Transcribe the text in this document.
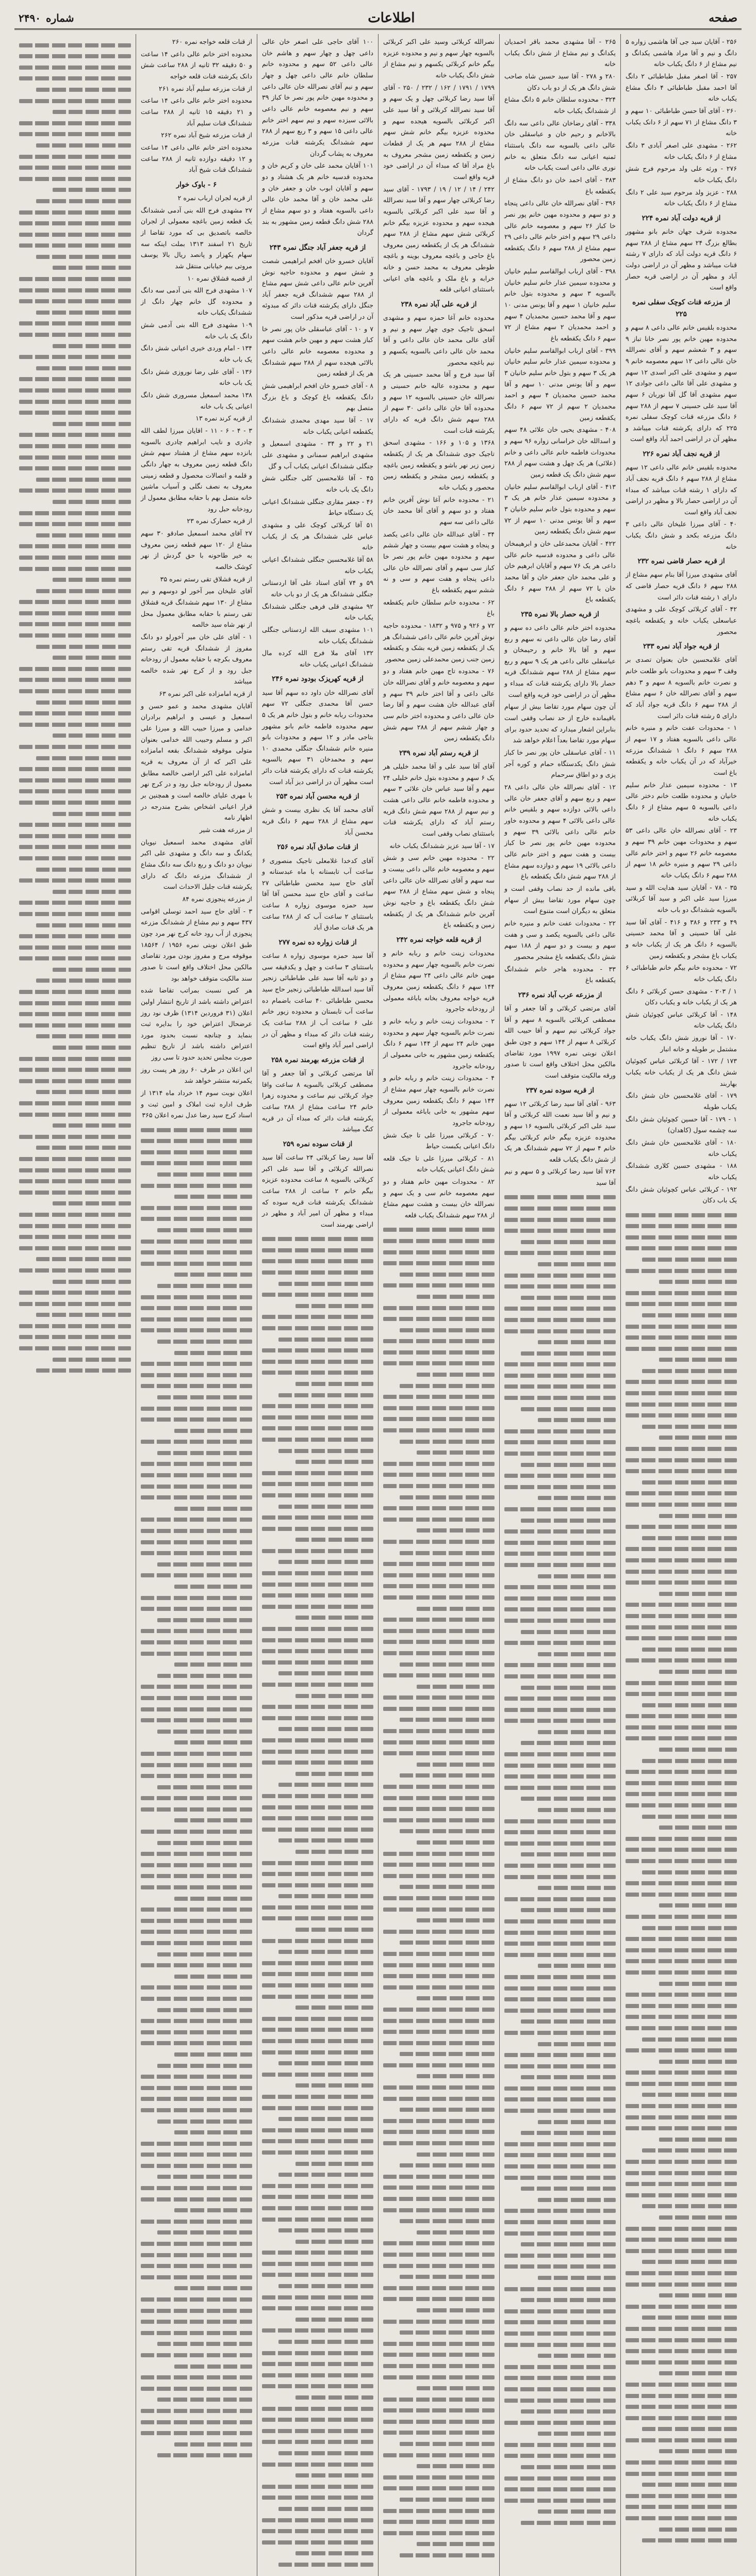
صفحه
اطلاعات
شماره
۲۴۹۰
۲۵۶ - آقایان سید جی آقا هاشمی زواره ۵ دانگ و نیم و آقا مراد هاشمی یکدانگ و نیم مشاع از ۶ دانگ یکباب خانه
۲۵۷ - آقا اصغر مقبل طباطبائی ۲ دانگ آقا احمد مقبل طباطبائی ۴ دانگ مشاع یکباب خانه
۲۶۰ - آقای آقا حسن طباطبائی ۱۰ سهم و ۳ دانگ مشاع از ۷۱ سهم از ۶ دانک یکباب خانه
۲۶۲ - مشهدی علی اصغر آبادی ۳ دانگ مشاع از ۶ دانگ یکباب خانه
۲۷۶ - ورثه علی ولد مرحوم فرج شش دانگ یکباب خانه
۲۸۸ - عزیز ولد مرحوم سید علی ۲ دانگ مشاع از ۶ دانگ یکباب خانه
از قریه دولت آباد نمره ۲۲۴
مجدوده شرف جهان خانم بانو مشهور بطالع بزرگ ۲۴ سهم مشاع از ۲۸۸ سهم ۶ دانگ قریه دولت آباد که دارای ۷ رشته قنات میباشد و مظهر آن در اراضی دولت آباد و مظهر آن در اراضی قریه حصار واقع است
از مزرعه قنات کوچک سفلی نمره ۲۲۵
محدوده بلقیس خانم عالی داعی ۸ سهم و محدوده مهین خانم پور نصر خانا تباز ۹ سهم و ۳ شعشم سهم و آقای نصرالله خان عالی داعی ۱۲ سهم معصومه خانم ۹ سهم و مشهدی علی اکبر اسدی ۱۲ سهم و مشهدی علی آقا عالی داعی جوادی ۱۲ سهم مشهدی آقا گل آقا نوربان ۶ سهم آقا سید علی حسینی ۷ سهم از ۲۸۸ سهم ۶ دانگ مزرعه قنات کوچک سفلی نمره ۲۲۵ که دارای یکرشته قنات میباشد و مظهر آن در اراضی احمد آباد واقع است
از قریه نجف آباد نمره ۲۲۶
محدوده بلقیس خانم عالی داعی ۱۲ سهم مشاع از ۲۸۸ سهم ۶ دانگ قریه نجف آباد که دارای ۱ رشته قنات میباشد که مبداء آن در اراضی حصار بالا و مظهر در اراضی نجف آباد واقع است
۴۰ - آقای میرزا علیخان عالی داعی ۳ دانگ مزرعه بکحد و شش دانگ یکباب خانه
از قریه حصار قاضی نمره ۲۳۲
آقای مشهدی میرزا آقا بنام سهم مشاع از ۲۸۸ سهم ۶ دانگ قریه حصار قاضی که دارای ۱ رشته قنات دائر است
۴۲ - آقای کربلائی کوچک علی و مشهدی عباسعلی یکباب خانه و یکقطعه باغچه محصور
از قریه جواد آباد نمره ۲۳۳
آقای غلامحسین خان بعنوان تصدی بر وقف ۳ سهم و محدودات بانو طلعت خانم و نصرت خانم بالسویه ۸ سهم و ۳ دهم سهم و آقای نصرالله خان ۶ سهم مشاع از ۲۸۸ سهم ۶ دانگ قریه جواد آباد که دارای ۵ رشته قنات دائر است
۱ - محدودات عفت خانم و منیره خانم عالی داعی بالسویه هفتاد و ۱۷ سهم از ۲۸۸ سهم ۶ دانگ ۱ ششدانگ مزرعه خیرآباد که در آن یکباب خانه و یکقطعه باغ است
۱۳ - محدوده سیمین عذار خانم سلیم خانیان و محدوده طلعت خانم دختر عالی داعی بالسویه ۵ سهم مشاع از ۶ دانگ یکباب خانه
۲۳ - آقای نصرالله خان عالی داعی ۵۳ سهم و محدودات مهین خانم ۳۹ سهم و معصومه خانم ۲۶ سهم و اختر خانم عالی داعی ۲۹ سهم و منیره خانم ۱۸ سهم از ۲۸۸ سهم ۶ دانگ یکباب خانه
۳۵ - ۷۸ - آقایان سید هدایت الله و سید میرزا سید علی اکبر و سید آقا کربلائی بالسویه ششدانگ دو باب خانه
۴۹ و ۲۳۳ و ۳۸۶ و ۴۱۶ - آقای آقا سید علی آقا حسینی و آقا محمد حسینی بالسویه ۶ دانگ هر یک از یکباب خانه و یکباب باغ مشجر و یکقطعه زمین
۷۲ - محدوده خانم بیگم خانم طباطبائی ۶ دانگ یکباب خانه
۱ / ۲۰۳ - مشهدی حسن کربلائی ۶ دانگ هر یک از یکباب خانه و یکباب دکان
۱۴۸ - آقا کربلائی عباس کچوئیان شش دانگ یکباب خانه
۱۷۰ - آقا نوروز شش دانگ یکباب خانه مشتمل بر طویله و خانه انبار
۱۷۳ / ۱۷۲ - آقا کربلائی عباس کچوئیان شش دانگ هر یک از یکباب خانه یکباب بهاربند
۱۷۹ - آقای غلامحسین خان شش دانگ یکباب طویله
۱ - ۱۷۹ - آقا حسین کچوئیان شش دانگ سه چشمه سول (کاهدان)
۱۸۰ - آقای غلامحسین خان شش دانگ یکباب خانه
۱۸۸ - مشهدی حسین کلاری ششدانگ یکباب خانه
۱۹۲ - کربلائی عباس کچوئیان شش دانگ یک باب دکان
۲۶۵ - آقا مشهدی محمد باقر احمدیان یکدانگ و نیم مشاع از شش دانگ یکباب خانه
۲۸۰ و ۲۷۸ - آقا سید حسین شاه صاحب شش دانگ هر یک از دو باب دکان
۳۲۴ - محدوده سلطان خانم ۵ دانگ مشاع از ششدانگ یکباب خانه
۳۳۸ - آقای رضاخان عالی داعی سه دانگ بالاخانم و رحیم خان و عباسقلی خان عالی داعی بالسویه سه دانگ باستثناء ثمنیه اعیانی سه دانگ متعلق به خانم نوری عالی داعی است یکباب خانه
۳۸۳ - آقای احمد خان دو دانگ مشاع از یکقطعه باغ
۳۹۶ - آقای نصرالله خان عالی داعی پنجاه و دو سهم و محدوده مهین خانم پور نصر خا کباز ۲۶ سهم و معصومه خانم عالی داعی ۲۹ سهم و اختر خانم عالی داعی ۲۹ سهم مشاع از ۲۸۸ سهم ۶ دانگ یکقطعه زمین محصور
۳۹۸ - آقای ارباب ابوالقاسم سلیم خانیان و محدوده سیمین عذار خانم سلیم خانیان بالسویه ۳ سهم و محدوده بتول خانم سلیم خانیان ۱ سهم و آقا یونس مدنی ۱۰ سهم و آقا محمد حسین محمدیان ۴ سهم و احمد محمدیان ۲ سهم مشاع از ۷۲ سهم ۶ دانگ یکقطعه باغ
۳۹۹ - آقای ارباب ابوالقاسم سلیم خانیان و محدوده سیمین عذار خانم سلیم خانیان هر یک ۳ سهم و بتول خانم سلیم خانیان ۳ سهم و آقا یونس مدنی ۱۰ سهم و آقا محمد حسین محمدیان ۴ سهم و احمد محمدیان ۲ سهم از ۷۲ سهم ۶ دانگ یکقطعه زمین
۴۰۸ - مشهدی یحیی خان علائی ۴۸ سهم و اسدالله خان خراسانی زواره ۹۶ سهم و محدودات فاطمه خانم عالی داعی و خانم (علائی) هر یک چهل و هشت سهم از ۲۸۸ سهم شش دانگ یک قطعه زمین
۴۱۳ - آقای ارباب ابوالقاسم سلیم خانیان و محدوده سیمین عذار خانم هر یک ۳ سهم و محدوده بتول خانم سلیم خانیان ۳ سهم و آقا یونس مدنی ۱۰ سهم از ۷۲ سهم شش دانگ یکقطعه زمین
۴۲۲ - آقایان محمدعلی خان و ابرهیمخان عالی داعی و محدوده قدسیه خانم عالی داعی هر یک ۷۶ سهم و آقایان ابرهیم خان و علی محمد خان جعفر خان و آقا محمد خان با ۷۲ سهم از ۲۸۸ سهم ۶ دانگ یکقطعه باغ
از قریه حصار بالا نمره ۲۳۵
محدوده اختر خانم عالی داعی ده سهم و آقای رضا خان عالی داعی نه سهم و ربع سهم و آقا بالا خانم و رحیمخان و عباسقلی عالی داعی هر یک ۹ سهم و ربع سهم مشاع از ۲۸۸ سهم ششدانگ قریه حصار بالا دارای یکرشته قنات که مبداء و مظهر آن در اراضی خود قریه واقع است
آن چون سهام مورد تقاضا بیش از سهام باقیمانده خارج از حد نصاب وقفی است بنابراین اشعار میدارد که تحدید حدود برای سهام مورد تقاضا بعداً اعلام خواهد شد
۱۱ - آقای عباسقلی خان پور نصر خا کباز شش دانگ یکدستگاه حمام و کوره آجر پزی و دو اطاق سرحمام
۱۲ - آقای نصرالله خان عالی داعی ۲۸ سهم و ربع سهم و آقای جعفر خان عالی داعی بالائی دوازده سهم و بلقیس خانم عالی داعی بالائی ۴ سهم و محدوده خاور خانم عالی داعی بالائی ۳۹ سهم و محدوده مهین خانم پور نصر خا کباز بیست و هفت سهم و اختر خانم عالی داعی بالائی ۱۹ سهم و دوازده سهم مشاع از ۲۸۸ سهم شش دانگ یکقطعه باغ
باقی مانده از حد نصاب وقفی است و چون سهام مورد تقاضا بیش از سهام متعلق به دیگران است متنوع است
۲۲ - محدودات عفت خانم و منیره خانم عالی داعی بالسویه یکصد و سی و هفت سهم و بیست و دو سهم از ۱۸۸ سهم شش دانگ یکقطعه باغ مشجر محصور
۳۳ - محدوده هاجر خانم ششدانگ یکقطعه باغ
از مزرعه عرب آباد نمره ۲۳۶
آقای مرتضی کربلائی و آقا جعفر و آقا مصطفی کربلائی بالسویه ۸ سهم و آقا جواد کربلائی نیم سهم و آقا حبیب الله کربلائی ۸ سهم از ۱۴۴ سهم و چون طبق اعلان نوبتی نمره ۱۹۹۷ مورد تقاضای مالکین محل اختلاف واقع است تا صدور ورقه مالکیت متوقف است
از قریه سوده نمره ۲۳۷
۹۶۳ - آقای آقا سید رضا کربلائی ۱۲ سهم و نیم و آقا سید نعمت الله کربلائی و آقا سید علی اکبر کربلائی بالسویه ۱۶ سهم و محدوده عزیزه بیگم خانم کربلائی بیگم خانم ۴ سهم از ۷۲ سهم ششدانگ هر یک از شش دانگ یکباب قلعه
۷۶۴ آقا سید رضا کربلائی و ۵ سهم و نیم آقا سید
نصرالله کربلائی وسید علی اکبر کربلائی بالسویه چهار سهم و نیم و محدوده عزیزه بیگم خانم کربلائی یکسهم و نیم مشاع از شش دانگ یکباب خانه
۱۷۹۹ / ۱۷۹۱ / ۱۶۲ / ۲۳۲ / ۲۵۰ - آقای آقا سید رضا کربلائی چهل و یک سهم و آقا سید نصرالله کربلائی و آقا سید علی اکبر کربلائی بالسویه هیجده سهم و محدوده عزیزه بیگم خانم شش سهم مشاع از ۲۸۸ سهم هر یک از قطعات زمین و یکقطعه زمین مشجر معروف به باغ مراد آقا که مبداء آن در اراضی خود قریه واقع است
۲۴۲ / ۱۴ / ۱۲ / ۱۹ / ۱۷۹۳ - آقای سید رضا کربلائی چهار سهم و آقا سید نصرالله و آقا سید علی اکبر کربلائی بالسویه هیجده سهم و محدوده عزیزه بیگم خانم کربلائی شش سهم مشاع از ۲۸۸ سهم ششدانگ هر یک از یکقطعه زمین معروف باغ حاجی و باغچه معروف بوینه و باغچه طوطی معروف به محمد حسن و خانه خرابه و باغ ملک و باغچه های اعیانی باستثنای اعیانی قلعه
از قریه علی آباد نمره ۲۳۸
محدوده خانم آغا حمزه سهم و مشهدی اسحق تاجیک جوی چهار سهم و نیم و آقای عالی محمد خان عالی داعی و آقا محمد خان عالی داعی بالسویه یکسهم و نیم باغچه محصور
آقا سید فرج و آقا محمد حسینی هر یک سهم و محدوده عالیه خانم حسینی و نصرالله خان حسینی بالسویه ۱۲ سهم و محدوده آقا خان عالی داعی ۳۰ سهم از ۲۸۸ سهم شش دانگ قریه که دارای یکرشته قنات است
۱۳۶۸ و ۱۰۵ و ۱۶۶ - مشهدی اسحق تاجیک جوی ششدانگ هر یک از یکقطعه زمین زیر نهر باشو و یکقطعه زمین باغچه و یکقطعه زمین مشجر و یکقطعه زمین محصور و یکباب خانه
۲۱ - محدوده خانم آغا نوش آفرین خانم هفتاد و دو سهم و آقای آقا محمد خان عالی داعی سه سهم
۳۴ - آقای عبدالله خان عالی داعی یکصد و پنجاه و هشت سهم بیست و چهار ششم سهم و محدوده مهین خانم پور نصر خا کباز سی سهم و آقای نصرالله خان عالی داعی پنجاه و هفت سهم و سی و نه ششم سهم یکقطعه باغ
۶۲ - محدوده خانم سلطان خانم یکقطعه باغ
۷۲ و ۹۲۶ و ۹۷۵ و ۱۸۳۲ - محدوده حاجیه نوش آفرین خانم عالی داعی ششدانگ هر یک از یکقطعه زمین قریه بشک و یکقطعه زمین جنب زمین محمدعلی زمین محصور
۷۶ - محدوده تاج مهین خانم هفتاد و دو سهم و معصومه خانم و آقای نصرالله خان عالی داعی و آقا اختر خانم ۳۹ سهم و آقای عبدالله خان هشت سهم و آقا رضا خان عالی داعی و محدوده اختر خانم سی و چهار ششم سهم از ۲۸۸ سهم شش دانگ یکقطعه زمین
از قریه رستم آباد نمره ۲۳۹
آقای آقا سید علی و آقا محمد خلیلی هر یک ۶ سهم و محدوده بتول خانم خلیلی ۲۴ سهم و آقا سید عباس خان علائی ۳ سهم و محدوده فاطمه خانم عالی داعی هشت و نیم سهم از ۲۸۸ سهم شش دانگ قریه رستم آباد که دارای یکرشته قنات باستثنای نصاب وقفی است
۱۷ - آقا سید عزیز ششدانگ یکباب خانه
۲۲ - محدوده مهین خانم سی و شش سهم و معصومه خانم عالی داعی بیست و سه سهم و آقای نصرالله خان عالی داعی پنجاه و شش سهم مشاع از ۲۸۸ سهم شش دانگ یکقطعه باغ و حاجیه نوش آفرین خانم ششدانگ هر یک از یکقطعه زمین و یکقطعه باغ
از قریه قلعه خواجه نمره ۲۴۲
محدودات زینت خانم و ربابه خانم و نصرت خانم بالسویه چهار سهم و محدوده مهین خانم عالی داعی ۲۴ سهم مشاع از ۱۴۴ سهم ۶ دانگ یکقطعه زمین معروف قریه خواجه معروف بخانه باباغه معمولی از رودخانه جاجرود
۲ - محدودات زینت خانم و ربابه خانم و نصرت خانم بالسویه چهار سهم و محدوده مهین خانم ۲۴ سهم از ۱۴۴ سهم ۶ دانگ یکقطعه زمین مشهور به خانی معمولی از رودخانه جاجرود
۴ - محدودات زینت خانم و ربابه خانم و نصرت خانم بالسویه چهار سهم مشاع از ۱۴۴ سهم ۶ دانگ یکقطعه زمین معروف سهم مشهور به خانی باباغه معمولی از رودخانه جاجرود
۷۰ - کربلائی میرزا علی تا جیک شش دانگ اعیانی یکبست حیاط
۸۱ - کربلائی میرزا علی تا جیک قلعه شش دانگ اعیانی یکباب خانه
۸۲ - محدودات مهین خانم هفتاد و دو سهم معصومه خانم سی و یک سهم و نصرالله خان بیست و هشت سهم مشاع از ۲۸۸ سهم ششدانگ یکباب قلعه
۱۰۰ آقای حاجی علی اصغر خان عالی داعی چهل و چهار سهم و هاشم خان عالی داعی ۵۲ سهم و محدوده خانم سلطان خانم عالی داعی چهل و چهار سهم و نیم آقای نصرالله خان عالی داعی و محدوده مهین خانم پور نصر خا کباز ۳۹ سهم و نیم معصومه خانم عالی داعی بالائی سیزده سهم و نیم سهم اختر خانم عالی داعی ۱۵ سهم و ۳ ربع سهم از ۲۸۸ سهم ششدانگ یکرشته قنات مزرعه معروف به پشاب گردان
۱۰۱ آقایان محمد علی خان و کریم خان و محدوده قدسیه خانم هر یک هشتاد و دو سهم و آقایان ابوب خان و جعفر خان و علی محمد خان و آقا محمد خان عالی داعی بالسویه هفتاد و دو سهم مشاع از ۲۸۸ شش دانگ قطعه زمین مشهور به بند گردان
از قریه جعفر آباد جنگل نمره ۲۴۳
آقایان خسرو خان افخم ابراهیمی شصت و شش سهم و محدوده حاجیه نوش آفرین خانم عالی داعی شش سهم مشاع از ۲۸۸ سهم ششدانگ قریه جعفر آباد جنگل دارای یکرشته قنات دائر که مبدوئه آن در اراضی قریه مذکور است
۷ و ۱۰ - آقای عباسقلی خان پور نصر خا کباز هشت سهم و مهین خانم هشت سهم و محدوده معصومه خانم عالی داعی بالائی هیجده سهم از ۲۸۸ سهم ششدانگ هر یک از قطعه زمین
۸ - آقای خسرو خان افخم ابراهیمی شش دانگ یکقطعه باغ کوچک و باغ بزرگ متصل بهم
۱۷ - آقا سید مهدی محمدی ششدانگ یکقطعه اعیانی یکباب خانه
۲۱ و ۲۲ و ۳۴ - مشهدی اسمعیل و مشهدی ابراهیم سمنانی و مشهدی علی جنگلی ششدانگ اعیانی یکباب آب و گل
۴۵ - آقا غلامحسین کلی جنگلی شش دانگ یک باب خانه
۴۶ - جعفر مقاری جنگلی ششدانگ اعیانی یک دستگاه حیاط
۵۱ آقا کربلائی کوچک علی و مشهدی عباس علی ششدانگ هر یک از یکباب خانه
۵۸ آقا غلامحسین جنگلی ششدانگ اعیانی یکباب خانه
۵۹ و ۷۴ آقای استاد علی آقا اردستانی جنگلی ششدانگ هر یک از دو باب خانه
۹۲ مشهدی قلی فرهی جنگلی ششدانگ یکباب خانه
۱۰۱ مشهدی سیف الله اردستانی جنگلی ششدانگ یکباب خانه
۱۳۲ آقای ملا فرج الله کرده مال ششدانگ اعیانی یکباب خانه
از قریه کهریزک بودود نمره ۲۴۶
آقای نصرالله خان داود ده سهم آقا سید حسن آقا محمدی جنگلی ۷۲ سهم محدودات ربابه خانم و بتول خانم هر یک ۵ سهم محدوده فاطمه خانم بانو مشهور بتاجی مادر و ۱۲ سهم و محدودات بانو منیره خانم ششدانگ جنگلی محمدی ۱۰ سهم و محمدخان ۳۱ سهم بالسویه یکرشته قنات که دارای یکرشته قنات دائر است مظهر آن در اراضی دیز آباد است
از قریه محسن آباد نمره ۲۵۳
آقای محمد آقا یک نظری بیست و شش سهم مشاع از ۲۸۸ سهم ۶ دانگ قریه محسن آباد
از قنات صادق آباد نمره ۲۵۶
آقای کدخدا غلامعلی تاجیک منصوری ۶ ساعت آب تابستانه با ماه عبدستانه و آقای حاج سید محسن طباطبائی ۲۷ ساعت و آقای حاج سید محسن آقا آقا سید حمزه موسوی زواره ۸ ساعت باستثنای ۲ ساعت آب که از ۲۸۸ ساعت هر یک قنات صادق آباد
از قنات زواره ده نمره ۲۷۷
آقا سید حمزه موسوی زواره ۸ ساعت باستثنای ۳ ساعت و چهل و یکدقیقه سی و دو ثانیه آقا سید علی طباطبائی زنجیر آقا سید اسدالله طباطبائی زنجیر حاج سید محسن طباطبائی ۴۰ ساعت باضمام ده ساعت آب تابستان و محدوده زیور خانم علی ۶ ساعت آب از ۲۸۸ ساعت یک رشته قنات دائر که مبداء و مظهر آن در اراضی امیر آباد واقع است
از قنات مزرعه بهرمند نمره ۲۵۸
آقا مرتضی کربلائی و آقا جعفر و آقا مصطفی کربلائی بالسویه ۸ ساعت واقا جواد کربلائی نیم ساعت و محدوده زهرا خانم ۲۴ ساعت مشاع از ۲۸۸ ساعت یکرشته قنات دائر که مبداء آن در قریه کنگ میباشد
از قنات سوده نمره ۲۵۹
آقا سید رضا کربلائی ۲۴ ساعت آقا سید نصرالله کربلائی و آقا سید علی اکبر کربلائی بالسویه ۸ ساعت محدوده عزیزه بیگم خانم ۲ ساعت از ۲۸۸ ساعت ششدانگ یکرشته قنات قریه سوده که مبداء و مظهر آن امیر آباد و مظهر در اراضی بهرمند است
از قنات قلعه خواجه نمره ۲۶۰
محدوده اختر خانم عالی داعی ۱۴ ساعت و ۵۰ دقیقه ۳۲ ثانیه از ۲۸۸ ساعت شش دانک یکرشته قنات قلعه خواجه
از قنات مزرعه سلیم آباد نمره ۲۶۱
محدوده اختر خانم عالی داعی ۱۴ ساعت و ۲۱ دقیقه ۱۵ ثانیه از ۲۸۸ ساعت ششدانگ قنات سلیم آباد
از قنات مزرعه شیخ آباد نمره ۲۶۲
محدوده اختر خانم عالی داعی ۱۴ ساعت و ۱۲ دقیقه دوازده ثانیه از ۲۸۸ ساعت ششدانگ قنات شیخ آباد
۶ - باوک خوار
از قریه لجران ارباب نمره ۲
۲۷ مشهدی فرج الله بنی آدمی ششدانگ یک قطعه زمین باغچه معمولی از لجران خالصه باتصدیق بی که مورد تقاضا از تاریخ ۲۱ اسفند ۱۳۱۳ بملت اینکه سه سهام یکهزار و پانصد ریال بالا یوسف مروتی بیم خیابانی منتقل شد
از قصبه قشلاق نمره ۱۰
۱۰۷ مشهدی فرج الله بنی آدمی سه دانگ و محدوده گل خانم چهار دانگ از ششدانگ یکباب خانه
۱۰۹ مشهدی فرج الله بنی آدمی شش دانگ یک باب خانه
۱۳۴ - امام وردی خیری اعیانی شش دانگ یک باب خانه
۱۳۶ - آقای علی رضا نوروزی شش دانگ یک باب خانه
۱۳۸ محمد اسمعیل مسروری شش دانگ اعیانی یک باب خانه
از قریه کرند نمره ۱۳
۳ - ۴ - ۶ - ۱۱ - اقایان میرزا لطف الله چادری و نایب ابراهیم چادری بالسویه بانزده سهم مشاع از هشتاد سهم شش دانگ قطعه زمین معروف به چهار دانگی و قلمه و اتصالات محصول و قطعه زمینی معروف به نصف نگلی و آسیاب ماشین خانه متصل بهم با حقابه مطابق معمول از رودخانه حبل رود
از قریه حصارک نمره ۲۳
۲۷ آقای محمد اسمعیل صادقو ۳۰ سهم مشاع از ۱۲۰ سهم قطعه زمین معروف به خیر طاحونه با حق گردش از نهر کوشک خالصه
از قریه قشلاق تقی رستم نمره ۳۵
آقای علیخان میر آخور لو دوسهم و نیم مشاع از ۱۳۰ سهم ششدانگ قریه قشلاق تقی رستم با حقابه مطابق معمول محل از نهر شاه سید خالصه
۱ - آقای علی خان میر آخورلو دو دانگ مفروز از ششدانگ قریه تقی رستم معروف بکرچه با حقابه معمول از رودخانه جبل رود و از کرج نهر شده خالصه میباشد
از قریه امامزاده علی اکبر نمره ۶۳
آقایان مشهدی محمد و عمو حسن و اسمعیل و عیسی و ابراهیم برادران خدامی و میرزا حبیب الله و میرزا علی اکبر و مسلم وحبیب الله خدامی بعنوان متولی موقوفه ششدانگ بقعه امامزاده علی اکبر که از آن معروف به قریه امامزاده علی اکبر اراضی خالصه مطابق معمول از رودخانه جبل رود و در کرج نهر با مهری علیای خالصه است و همچنین بر قرار اعیانی اشخاص بشرح مندرجه در اظهار نامه
از مزرعه هفت شیر
آقای مشهدی محمد اسمعیل نیویان یکدانگ و سه دانگ و مشهدی علی اکبر نیویان دو دانگ و ربع دانگ سه دانگ مشاع از ششدانگ مزرعه دانگ که دارای یکرشته قنات جلیل الاحداث است
از مزرعه پنجوزی نمره ۸۴
۳ - آقای حاج سید احمد توسلی اقوامی ۴۳۷ سهم و نیم مشاع از ششدانگ مزرعه پنجوزی از آب رود خانه کرج نهر مرد چون طبق اعلان نوبتی نمره ۱۹۵۶ / ۱۸۵۶۴ موقوفه مرج و مفروز بودن مورد تقاضای مالکین محل اختلاف واقع است تا صدور سند مالکیت متوقف خواهد بود
هر کس نسبت بمراتب تقاضا شده اعتراض داشته باشد از تاریخ انتشار اولین اعلان (۳۱ فروردین ۱۳۱۴) ظرف نود روز عرضحال اعتراض خود را بدایره ثبت بنماید و چنانچه نسبت بحدود مورد اعتراض داشته باشد از تاریخ تنظیم صورت مجلس تحدید حدود تا سی روز
این اعلان در طرف ۶۰ روز هر پست روز یکمرتبه منتشر خواهد شد
اعلان نوبت سوم ۱۴ خرداد ماه ۱۳۱۴ از طرف اداره ثبت املاک و امین ثبت و اسناد کرج سید رضا عدل نمره اعلان ۳۶۵
